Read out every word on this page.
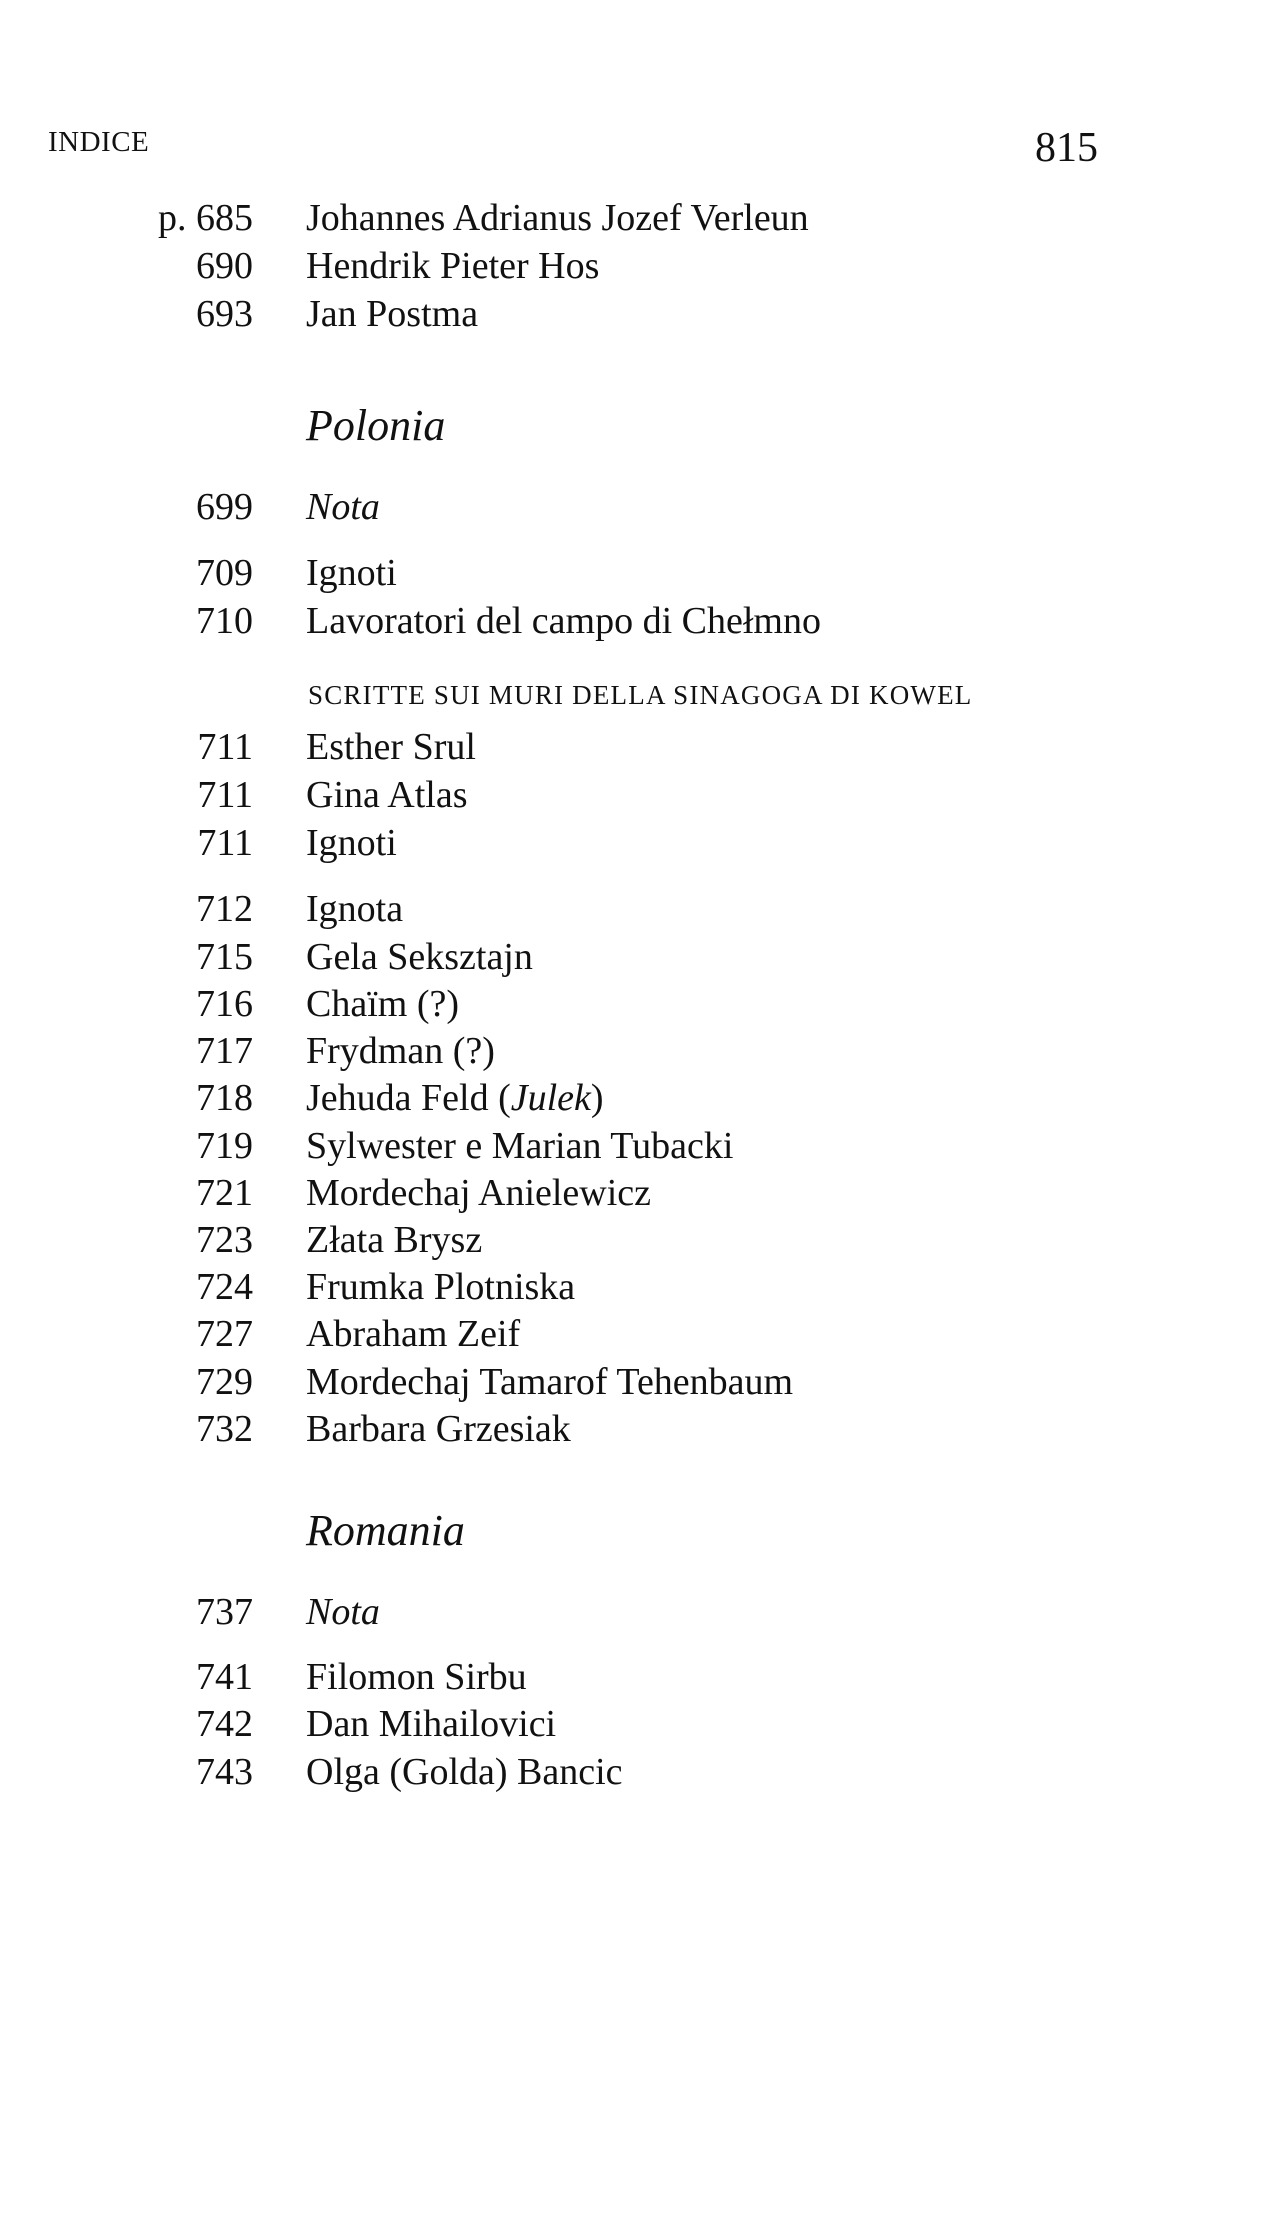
INDICE	815
p. 685 Johannes Adrianus Jozef Verleun
690 Hendrik Pieter Hos
693 Jan Postma
Polonia
699 Nota
709 Ignoti
710 Lavoratori del campo di Chełmno
SCRITTE SUI MURI DELLA SINAGOGA DI KOWEL
711 Esther Srul
711 Gina Atlas
711 Ignoti
712 Ignota
715 Gela Seksztajn
716 Chaïm (?)
717 Frydman (?)
718 Jehuda Feld (Julek)
719 Sylwester e Marian Tubacki
721 Mordechaj Anielewicz
723 Złata Brysz
724 Frumka Plotniska
727 Abraham Zeif
729 Mordechaj Tamarof Tehenbaum
732 Barbara Grzesiak
Romania
737 Nota
741 Filomon Sirbu
742 Dan Mihailovici
743 Olga (Golda) Bancic
